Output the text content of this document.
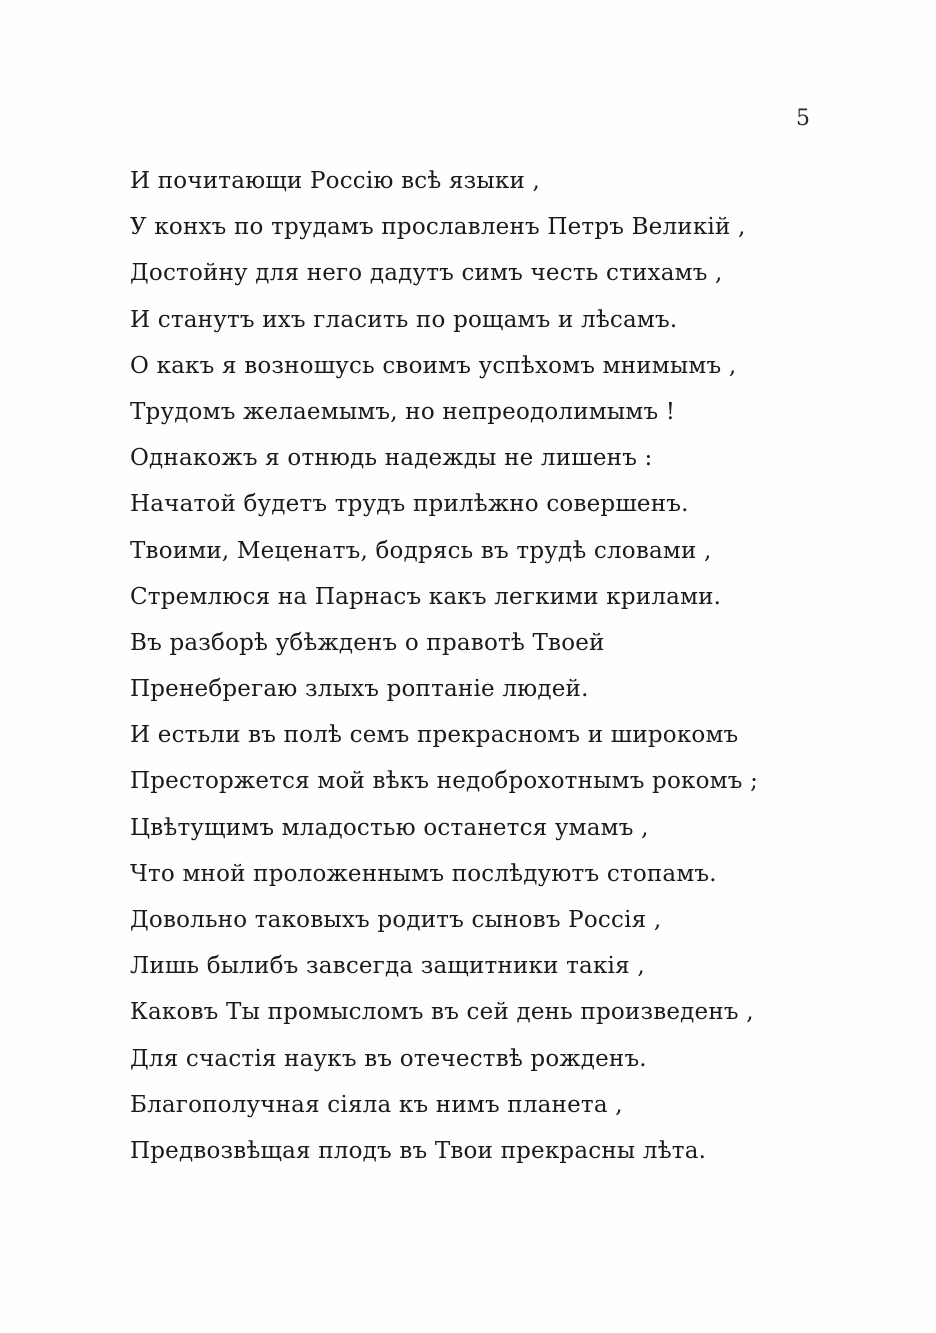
5
И почитающи Россію всѣ языки ,
У конхъ по трудамъ прославленъ Петръ Великій ,
Достойну для него дадутъ симъ честь стихамъ ,
И станутъ ихъ гласить по рощамъ и лѣсамъ.
О какъ я возношусь своимъ успѣхомъ мнимымъ ,
Трудомъ желаемымъ, но непреодолимымъ !
Однакожъ я отнюдь надежды не лишенъ :
Начатой будетъ трудъ прилѣжно совершенъ.
Твоими, Меценатъ, бодрясь въ трудѣ словами ,
Стремлюся на Парнасъ какъ легкими крилами.
Въ разборѣ убѣжденъ о правотѣ Твоей
Пренебрегаю злыхъ роптаніе людей.
И естьли въ полѣ семъ прекрасномъ и широкомъ
Престоржется мой вѣкъ недоброхотнымъ рокомъ ;
Цвѣтущимъ младостью останется умамъ ,
Что мной проложеннымъ послѣдуютъ стопамъ.
Довольно таковыхъ родитъ сыновъ Россія ,
Лишь былибъ завсегда защитники такія ,
Каковъ Ты промысломъ въ сей день произведенъ ,
Для счастія наукъ въ отечествѣ рожденъ.
Благополучная сіяла къ нимъ планета ,
Предвозвѣщая плодъ въ Твои прекрасны лѣта.
